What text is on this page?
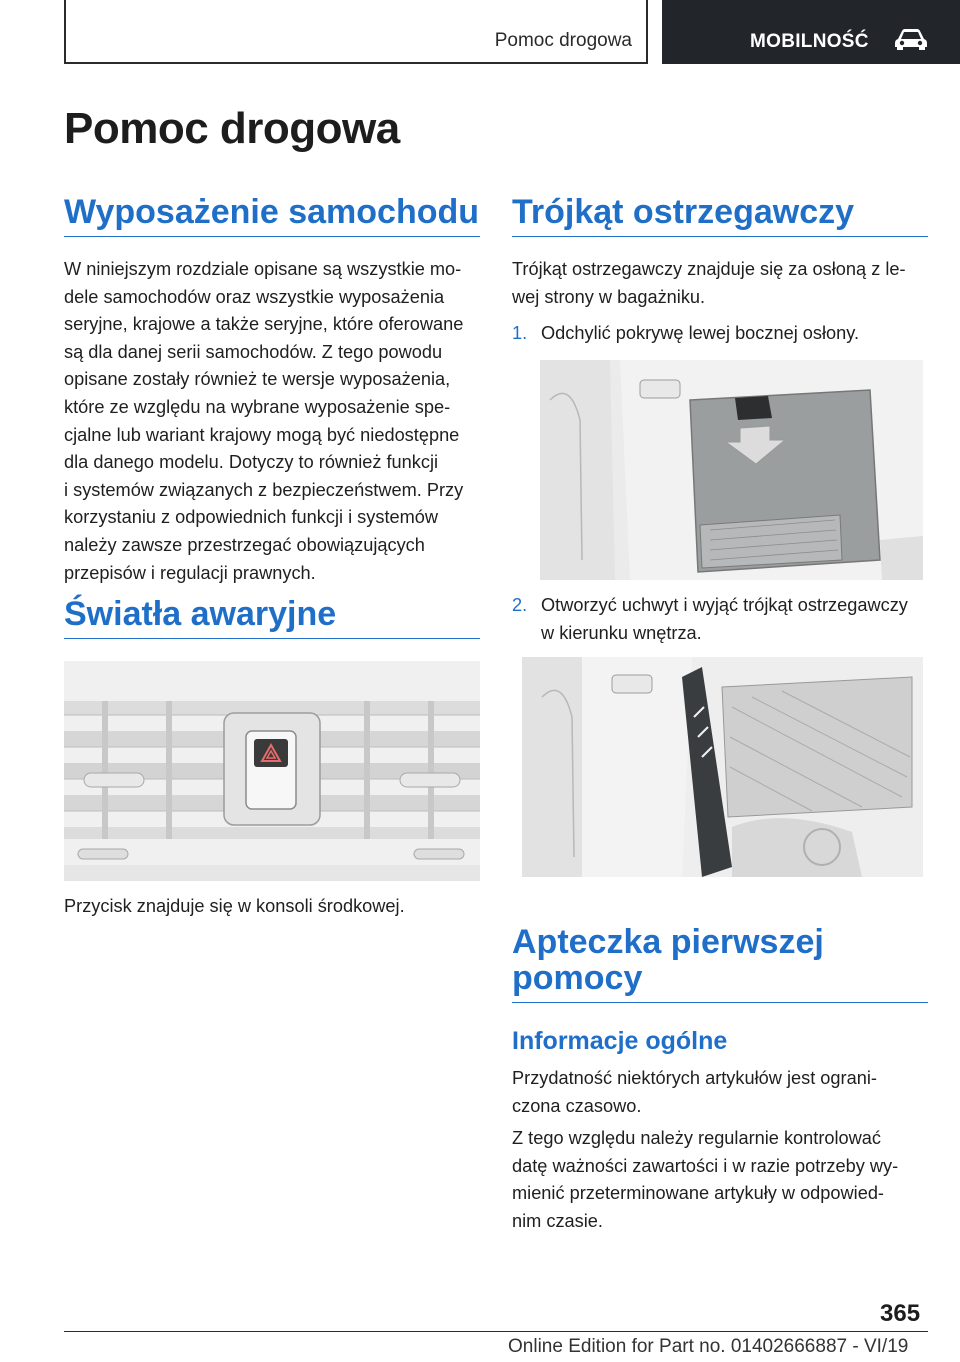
Pomoc drogowa	MOBILNOŚĆ
Pomoc drogowa
Wyposażenie samochodu
W niniejszym rozdziale opisane są wszystkie mo-
dele samochodów oraz wszystkie wyposażenia
seryjne, krajowe a także seryjne, które oferowane
są dla danej serii samochodów. Z tego powodu
opisane zostały również te wersje wyposażenia,
które ze względu na wybrane wyposażenie spe-
cjalne lub wariant krajowy mogą być niedostępne
dla danego modelu. Dotyczy to również funkcji
i systemów związanych z bezpieczeństwem. Przy
korzystaniu z odpowiednich funkcji i systemów
należy zawsze przestrzegać obowiązujących
przepisów i regulacji prawnych.
Światła awaryjne
Przycisk znajduje się w konsoli środkowej.
Trójkąt ostrzegawczy
Trójkąt ostrzegawczy znajduje się za osłoną z le-
wej strony w bagażniku.
1. Odchylić pokrywę lewej bocznej osłony.
2. Otworzyć uchwyt i wyjąć trójkąt ostrzegawczy
w kierunku wnętrza.
Apteczka pierwszej
pomocy
Informacje ogólne
Przydatność niektórych artykułów jest ograni-
czona czasowo.
Z tego względu należy regularnie kontrolować
datę ważności zawartości i w razie potrzeby wy-
mienić przeterminowane artykuły w odpowied-
nim czasie.
365
Online Edition for Part no. 01402666887 - VI/19
